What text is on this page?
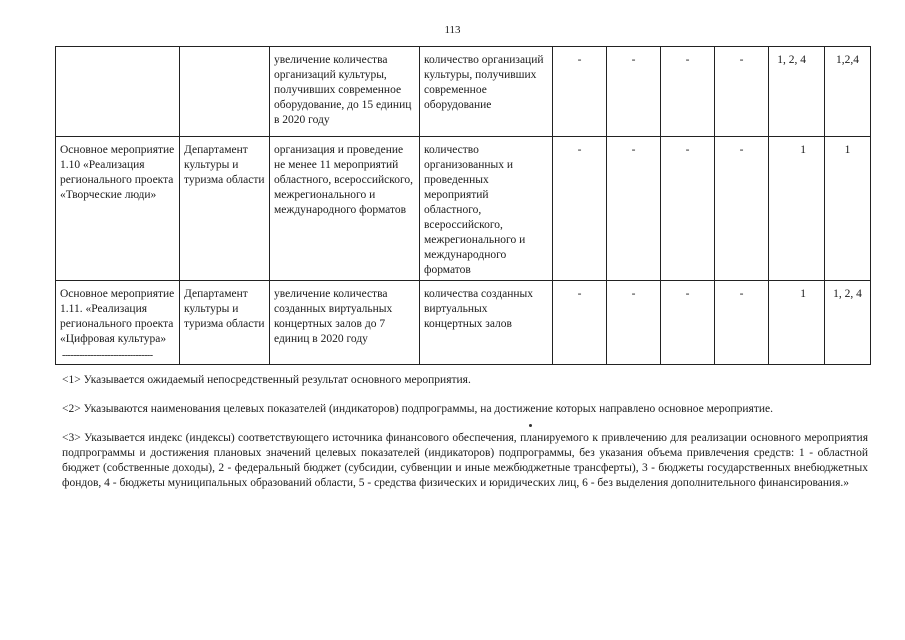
113
		увеличение количества организаций культуры, получивших современное оборудование, до 15 единиц в 2020 году	количество организаций культуры, получивших современное оборудование	-	-	-	-	1, 2, 4	1,2,4
Основное мероприятие 1.10 «Реализация регионального проекта «Творческие люди»	Департамент культуры и туризма области	организация и проведение не менее 11 мероприятий областного, всероссийского, межрегионального и международного форматов	количество организованных и проведенных мероприятий областного, всероссийского, межрегионального и международного форматов	-	-	-	-	1	1
Основное мероприятие 1.11. «Реализация регионального проекта «Цифровая культура»	Департамент культуры и туризма области	увеличение количества созданных виртуальных концертных залов до 7 единиц в 2020 году	количества созданных виртуальных концертных залов	-	-	-	-	1	1, 2, 4
--------------------------------
<1> Указывается ожидаемый непосредственный результат основного мероприятия.
<2> Указываются наименования целевых показателей (индикаторов) подпрограммы, на достижение которых направлено основное мероприятие.
<3> Указывается индекс (индексы) соответствующего источника финансового обеспечения, планируемого к привлечению для реализации основного мероприятия подпрограммы и достижения плановых значений целевых показателей (индикаторов) подпрограммы, без указания объема привлечения средств: 1 - областной бюджет (собственные доходы), 2 - федеральный бюджет (субсидии, субвенции и иные межбюджетные трансферты), 3 - бюджеты государственных внебюджетных фондов, 4 - бюджеты муниципальных образований области, 5 - средства физических и юридических лиц, 6 - без выделения дополнительного финансирования.»
